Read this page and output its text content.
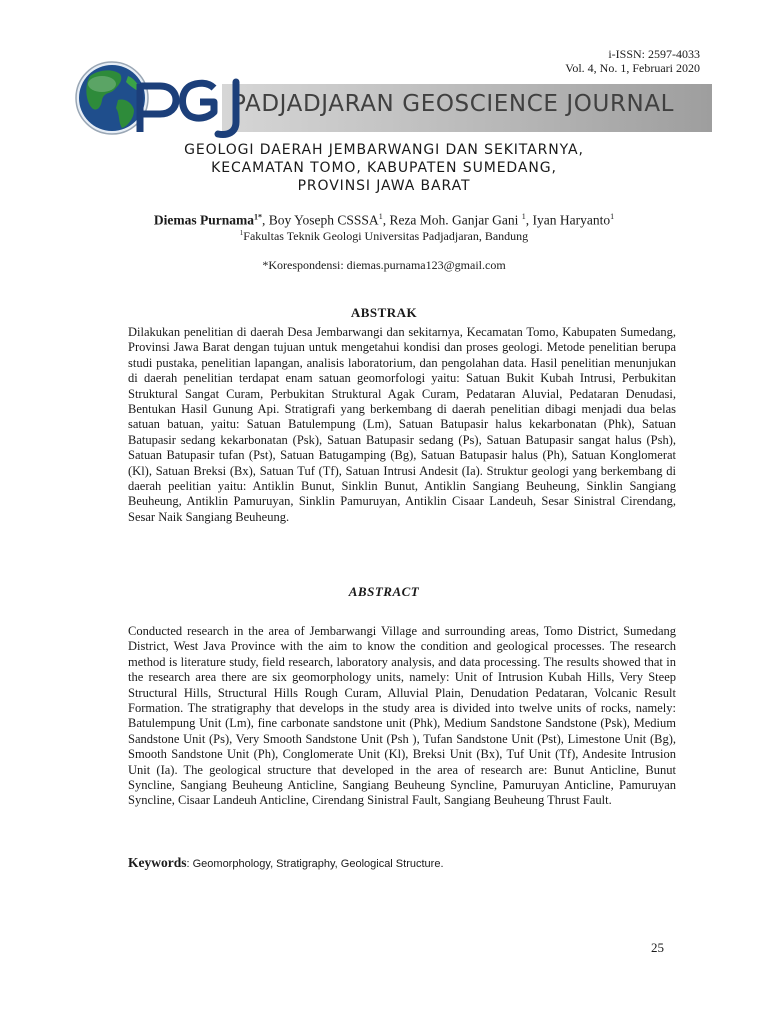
i-ISSN: 2597-4033
Vol. 4, No. 1, Februari 2020
PADJADJARAN GEOSCIENCE JOURNAL
GEOLOGI DAERAH JEMBARWANGI DAN SEKITARNYA,
KECAMATAN TOMO, KABUPATEN SUMEDANG,
PROVINSI JAWA BARAT
Diemas Purnama$^{1*}$, Boy Yoseph CSSSA$^1$, Reza Moh. Ganjar Gani $^1$, Iyan Haryanto$^1$
$^1$Fakultas Teknik Geologi Universitas Padjadjaran, Bandung
*Korespondensi: diemas.purnama123@gmail.com
ABSTRAK
Dilakukan penelitian di daerah Desa Jembarwangi dan sekitarnya, Kecamatan Tomo, Kabupaten Sumedang, Provinsi Jawa Barat dengan tujuan untuk mengetahui kondisi dan proses geologi. Metode penelitian berupa studi pustaka, penelitian lapangan, analisis laboratorium, dan pengolahan data. Hasil penelitian menunjukan di daerah penelitian terdapat enam satuan geomorfologi yaitu: Satuan Bukit Kubah Intrusi, Perbukitan Struktural Sangat Curam, Perbukitan Struktural Agak Curam, Pedataran Aluvial, Pedataran Denudasi, Bentukan Hasil Gunung Api. Stratigrafi yang berkembang di daerah penelitian dibagi menjadi dua belas satuan batuan, yaitu: Satuan Batulempung (Lm), Satuan Batupasir halus kekarbonatan (Phk), Satuan Batupasir sedang kekarbonatan (Psk), Satuan Batupasir sedang (Ps), Satuan Batupasir sangat halus (Psh), Satuan Batupasir tufan (Pst), Satuan Batugamping (Bg), Satuan Batupasir halus (Ph), Satuan Konglomerat (Kl), Satuan Breksi (Bx), Satuan Tuf (Tf), Satuan Intrusi Andesit (Ia). Struktur geologi yang berkembang di daerah peelitian yaitu: Antiklin Bunut, Sinklin Bunut, Antiklin Sangiang Beuheung, Sinklin Sangiang Beuheung, Antiklin Pamuruyan, Sinklin Pamuruyan, Antiklin Cisaar Landeuh, Sesar Sinistral Cirendang, Sesar Naik Sangiang Beuheung.
ABSTRACT
Conducted research in the area of Jembarwangi Village and surrounding areas, Tomo District, Sumedang District, West Java Province with the aim to know the condition and geological processes. The research method is literature study, field research, laboratory analysis, and data processing. The results showed that in the research area there are six geomorphology units, namely: Unit of Intrusion Kubah Hills, Very Steep Structural Hills, Structural Hills Rough Curam, Alluvial Plain, Denudation Pedataran, Volcanic Result Formation. The stratigraphy that develops in the study area is divided into twelve units of rocks, namely: Batulempung Unit (Lm), fine carbonate sandstone unit (Phk), Medium Sandstone Sandstone (Psk), Medium Sandstone Unit (Ps), Very Smooth Sandstone Unit (Psh ), Tufan Sandstone Unit (Pst), Limestone Unit (Bg), Smooth Sandstone Unit (Ph), Conglomerate Unit (Kl), Breksi Unit (Bx), Tuf Unit (Tf), Andesite Intrusion Unit (Ia). The geological structure that developed in the area of research are: Bunut Anticline, Bunut Syncline, Sangiang Beuheung Anticline, Sangiang Beuheung Syncline, Pamuruyan Anticline, Pamuruyan Syncline, Cisaar Landeuh Anticline, Cirendang Sinistral Fault, Sangiang Beuheung Thrust Fault.
Keywords: Geomorphology, Stratigraphy, Geological Structure.
25
